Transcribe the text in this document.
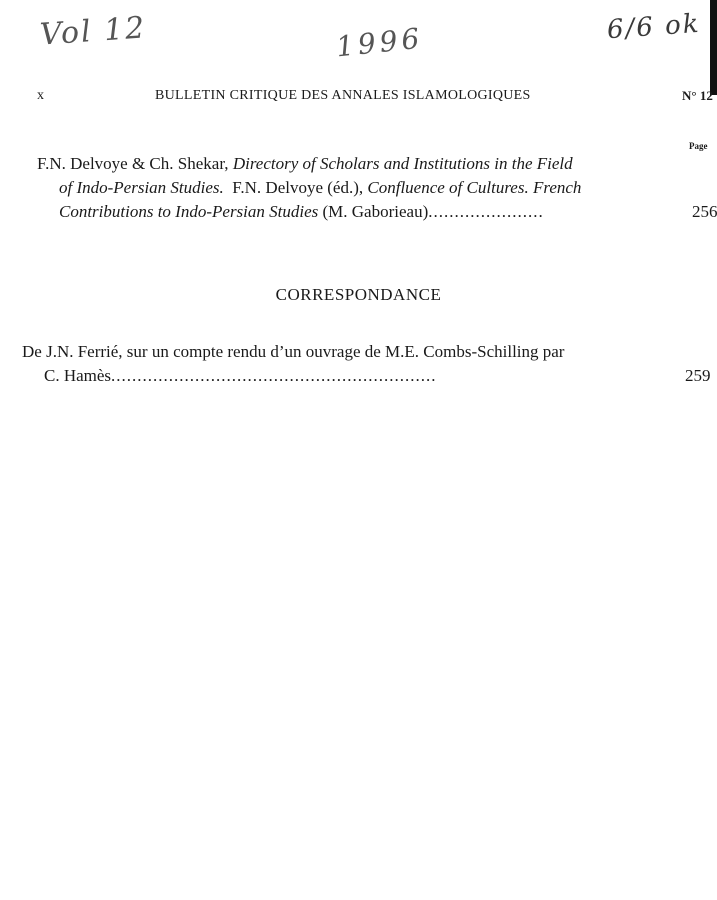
Vol 12	1996	6/6 ok
x	BULLETIN CRITIQUE DES ANNALES ISLAMOLOGIQUES	N° 12
Page
F.N. Delvoye & Ch. Shekar, Directory of Scholars and Institutions in the Field
of Indo-Persian Studies.  F.N. Delvoye (éd.), Confluence of Cultures. French
Contributions to Indo-Persian Studies (M. Gaborieau)......................	256
CORRESPONDANCE
De J.N. Ferrié, sur un compte rendu d’un ouvrage de M.E. Combs-Schilling par
C. Hamès..............................................................	259
